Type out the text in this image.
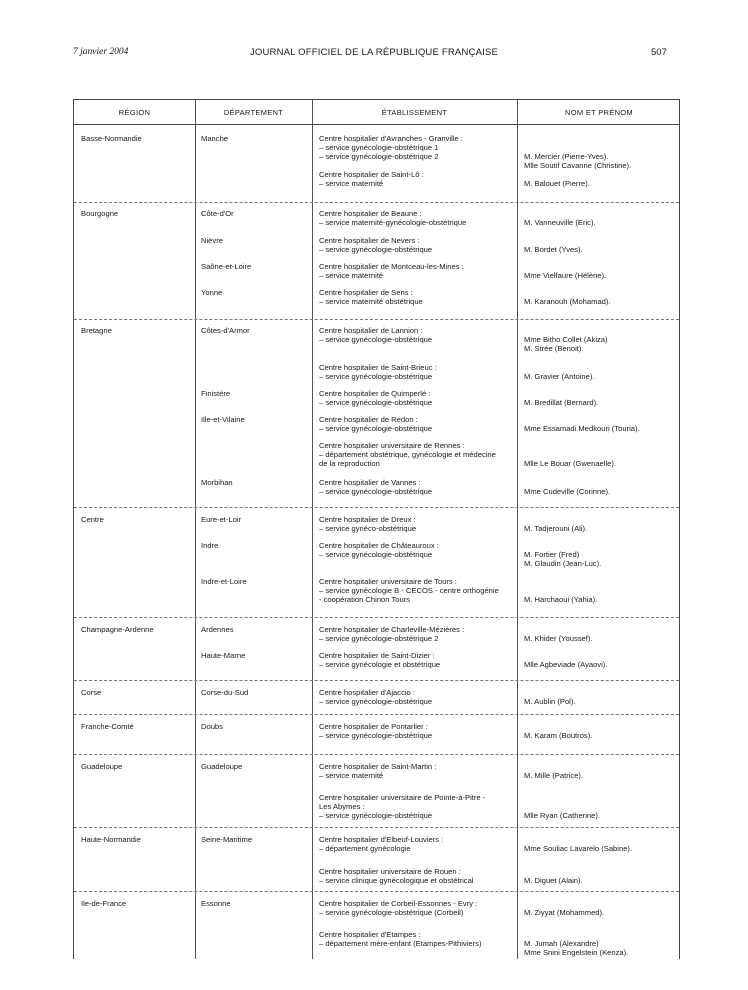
7 janvier 2004	JOURNAL OFFICIEL DE LA RÉPUBLIQUE FRANÇAISE	507
RÉGION	DÉPARTEMENT	ÉTABLISSEMENT	NOM ET PRÉNOM
Basse-Normandie	Manche	Centre hospitalier d'Avranches - Granville :
– service gynécologie-obstétrique 1
– service gynécologie-obstétrique 2	M. Mercier (Pierre-Yves).
Mlle Soutif Cavanne (Christine).
Centre hospitalier de Saint-Lô :
– service maternité	M. Balouet (Pierre).
Bourgogne	Côte-d'Or	Centre hospitalier de Beaune :
– service maternité-gynécologie-obstétrique	M. Vanneuville (Eric).
Nièvre	Centre hospitalier de Nevers :
– service gynécologie-obstétrique	M. Bordet (Yves).
Saône-et-Loire	Centre hospitalier de Montceau-les-Mines :
– service maternité	Mme Vielfaure (Hélène).
Yonne	Centre hospitalier de Sens :
– service maternité obstétrique	M. Karanouh (Mohamad).
Bretagne	Côtes-d'Armor	Centre hospitalier de Lannion :
– service gynécologie-obstétrique	Mme Bitho Collet (Akiza)
M. Strée (Benoit).
Centre hospitalier de Saint-Brieuc :
– service gynécologie-obstétrique	M. Gravier (Antoine).
Finistère	Centre hospitalier de Quimperlé :
– service gynécologie-obstétrique	M. Bredillat (Bernard).
Ille-et-Vilaine	Centre hospitalier de Redon :
– service gynécologie-obstétrique	Mme Essamadi Medkouri (Touria).
Centre hospitalier universitaire de Rennes :
– département obstétrique, gynécologie et médecine
de la reproduction	Mlle Le Bouar (Gwenaelle).
Morbihan	Centre hospitalier de Vannes :
– service gynécologie-obstétrique	Mme Cudeville (Corinne).
Centre	Eure-et-Loir	Centre hospitalier de Dreux :
– service gynéco-obstétrique	M. Tadjerouni (Ali).
Indre	Centre hospitalier de Châteauroux :
– service gynécologie-obstétrique	M. Fortier (Fred)
M. Glaudin (Jean-Luc).
Indre-et-Loire	Centre hospitalier universitaire de Tours :
– service gynécologie B - CECOS - centre orthogénie
- coopération Chinon Tours	M. Harchaoui (Yahia).
Champagne-Ardenne	Ardennes	Centre hospitalier de Charleville-Mézières :
– service gynécologie-obstétrique 2	M. Khider (Youssef).
Haute-Marne	Centre hospitalier de Saint-Dizier :
– service gynécologie et obstétrique	Mlle Agbeviade (Ayaovi).
Corse	Corse-du-Sud	Centre hospitalier d'Ajaccio :
– service gynécologie-obstétrique	M. Aublin (Pol).
Franche-Comté	Doubs	Centre hospitalier de Pontarlier :
– service gynécologie-obstétrique	M. Karam (Boutros).
Guadeloupe	Guadeloupe	Centre hospitalier de Saint-Martin :
– service maternité	M. Mille (Patrice).
Centre hospitalier universitaire de Pointe-à-Pitre -
Les Abymes :
– service gynécologie-obstétrique	Mlle Ryan (Catherine).
Haute-Normandie	Seine-Maritime	Centre hospitalier d'Elbeuf-Louviers :
– département gynécologie	Mme Souliac Lavarelo (Sabine).
Centre hospitalier universitaire de Rouen :
– service clinique gynécologique et obstétrical	M. Diguet (Alain).
Ile-de-France	Essonne	Centre hospitalier de Corbeil-Essonnes - Evry :
– service gynécologie-obstétrique (Corbeil)	M. Ziyyat (Mohammed).
Centre hospitalier d'Etampes :
– département mère-enfant (Etampes-Pithiviers)	M. Jumah (Alexandre)
Mme Snini Engelstein (Kenza).
